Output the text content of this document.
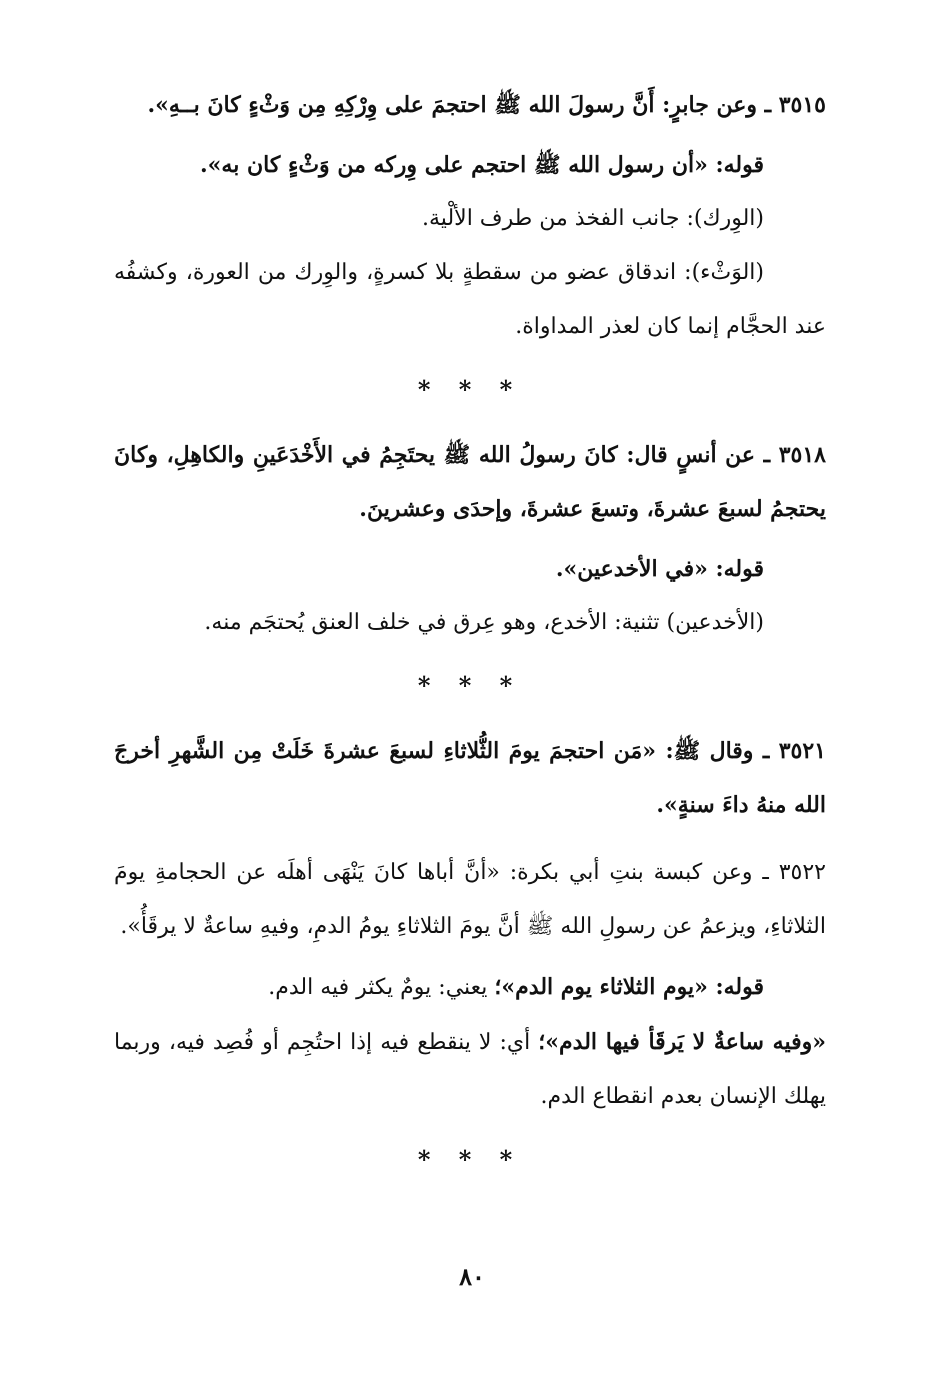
٣٥١٥ ـ وعن جابرٍ: أَنَّ رسولَ الله ﷺ احتجمَ على وِرْكِهِ مِن وَثْءٍ كانَ بــهِ».

قوله: «أن رسول الله ﷺ احتجم على وِركه من وَثْءٍ كان به».

(الوِرك): جانب الفخذ من طرف الألْية.

(الوَثْء): اندقاق عضو من سقطةٍ بلا كسرةٍ، والوِرك من العورة، وكشفُه عند الحجَّام إنما كان لعذر المداواة.

* * *

٣٥١٨ ـ عن أنسٍ قال: كانَ رسولُ الله ﷺ يحتَجِمُ في الأَخْدَعَينِ والكاهِلِ، وكانَ يحتجمُ لسبعَ عشرةَ، وتسعَ عشرةَ، وإحدَى وعشرينَ.

قوله: «في الأخدعين».

(الأخدعين) تثنية: الأخدع، وهو عِرق في خلف العنق يُحتجَم منه.

* * *

٣٥٢١ ـ وقال ﷺ: «مَن احتجمَ يومَ الثُّلاثاءِ لسبعَ عشرةَ خَلَتْ مِن الشَّهرِ أخرجَ الله منهُ داءَ سنةٍ».

٣٥٢٢ ـ وعن كبسة بنتِ أبي بكرة: «أنَّ أباها كانَ يَنْهَى أهلَه عن الحجامةِ يومَ الثلاثاءِ، ويزعمُ عن رسولِ الله ﷺ أنَّ يومَ الثلاثاءِ يومُ الدمِ، وفيهِ ساعةٌ لا يرقَأُ».

قوله: «يوم الثلاثاء يوم الدم»؛ يعني: يومٌ يكثر فيه الدم.

«وفيه ساعةٌ لا يَرقَأ فيها الدم»؛ أي: لا ينقطع فيه إذا احتُجِم أو فُصِد فيه، وربما يهلك الإنسان بعدم انقطاع الدم.

* * *
٨٠
